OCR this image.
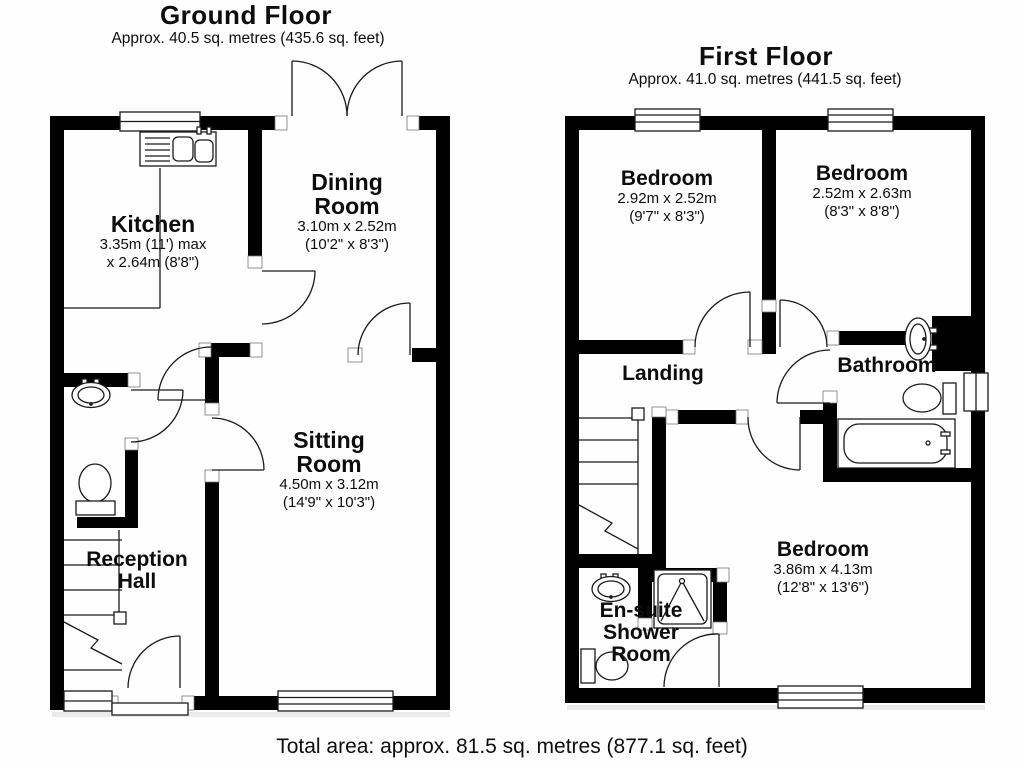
Ground Floor
Approx. 40.5 sq. metres (435.6 sq. feet)
First Floor
Approx. 41.0 sq. metres (441.5 sq. feet)
Kitchen
3.35m (11') max
x 2.64m (8'8")
Dining Room
3.10m x 2.52m
(10'2" x 8'3")
Sitting Room
4.50m x 3.12m
(14'9" x 10'3")
Reception Hall
Bedroom
2.92m x 2.52m
(9'7" x 8'3")
Bedroom
2.52m x 2.63m
(8'3" x 8'8")
Landing	Bathroom
Bedroom
3.86m x 4.13m
(12'8" x 13'6")
En-suite Shower Room
Total area: approx. 81.5 sq. metres (877.1 sq. feet)
